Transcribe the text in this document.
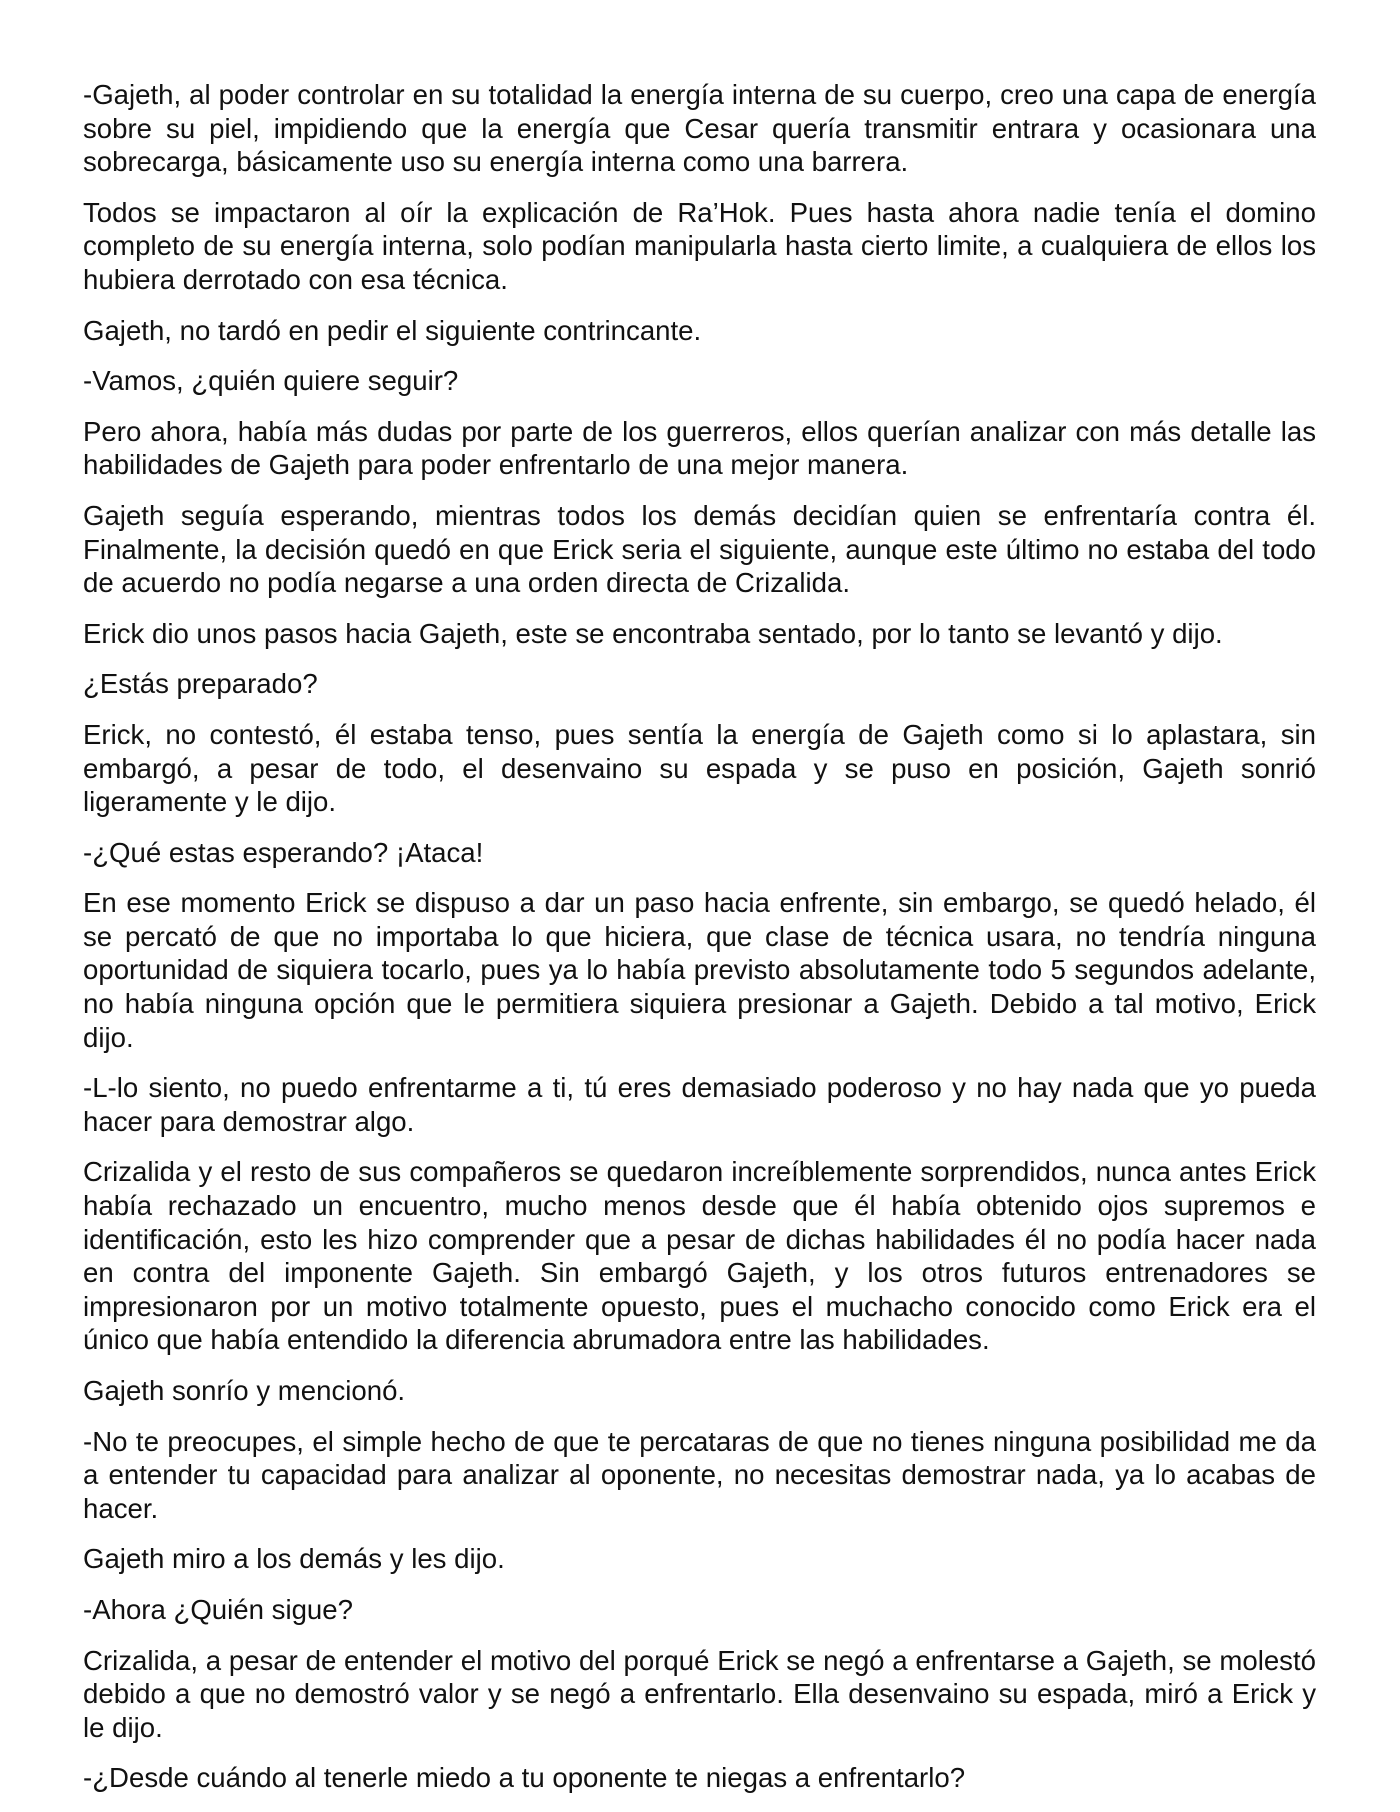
-Gajeth, al poder controlar en su totalidad la energía interna de su cuerpo, creo una capa de energía sobre su piel, impidiendo que la energía que Cesar quería transmitir entrara y ocasionara una sobrecarga, básicamente uso su energía interna como una barrera.

Todos se impactaron al oír la explicación de Ra’Hok. Pues hasta ahora nadie tenía el domino completo de su energía interna, solo podían manipularla hasta cierto limite, a cualquiera de ellos los hubiera derrotado con esa técnica.

Gajeth, no tardó en pedir el siguiente contrincante.

-Vamos, ¿quién quiere seguir?

Pero ahora, había más dudas por parte de los guerreros, ellos querían analizar con más detalle las habilidades de Gajeth para poder enfrentarlo de una mejor manera.

Gajeth seguía esperando, mientras todos los demás decidían quien se enfrentaría contra él. Finalmente, la decisión quedó en que Erick seria el siguiente, aunque este último no estaba del todo de acuerdo no podía negarse a una orden directa de Crizalida.

Erick dio unos pasos hacia Gajeth, este se encontraba sentado, por lo tanto se levantó y dijo.

¿Estás preparado?

Erick, no contestó, él estaba tenso, pues sentía la energía de Gajeth como si lo aplastara, sin embargó, a pesar de todo, el desenvaino su espada y se puso en posición, Gajeth sonrió ligeramente y le dijo.

-¿Qué estas esperando? ¡Ataca!

En ese momento Erick se dispuso a dar un paso hacia enfrente, sin embargo, se quedó helado, él se percató de que no importaba lo que hiciera, que clase de técnica usara, no tendría ninguna oportunidad de siquiera tocarlo, pues ya lo había previsto absolutamente todo 5 segundos adelante, no había ninguna opción que le permitiera siquiera presionar a Gajeth. Debido a tal motivo, Erick dijo.

-L-lo siento, no puedo enfrentarme a ti, tú eres demasiado poderoso y no hay nada que yo pueda hacer para demostrar algo.

Crizalida y el resto de sus compañeros se quedaron increíblemente sorprendidos, nunca antes Erick había rechazado un encuentro, mucho menos desde que él había obtenido ojos supremos e identificación, esto les hizo comprender que a pesar de dichas habilidades él no podía hacer nada en contra del imponente Gajeth. Sin embargó Gajeth, y los otros futuros entrenadores se impresionaron por un motivo totalmente opuesto, pues el muchacho conocido como Erick era el único que había entendido la diferencia abrumadora entre las habilidades.

Gajeth sonrío y mencionó.

-No te preocupes, el simple hecho de que te percataras de que no tienes ninguna posibilidad me da a entender tu capacidad para analizar al oponente, no necesitas demostrar nada, ya lo acabas de hacer.

Gajeth miro a los demás y les dijo.

-Ahora ¿Quién sigue?

Crizalida, a pesar de entender el motivo del porqué Erick se negó a enfrentarse a Gajeth, se molestó debido a que no demostró valor y se negó a enfrentarlo. Ella desenvaino su espada, miró a Erick y le dijo.

-¿Desde cuándo al tenerle miedo a tu oponente te niegas a enfrentarlo?
